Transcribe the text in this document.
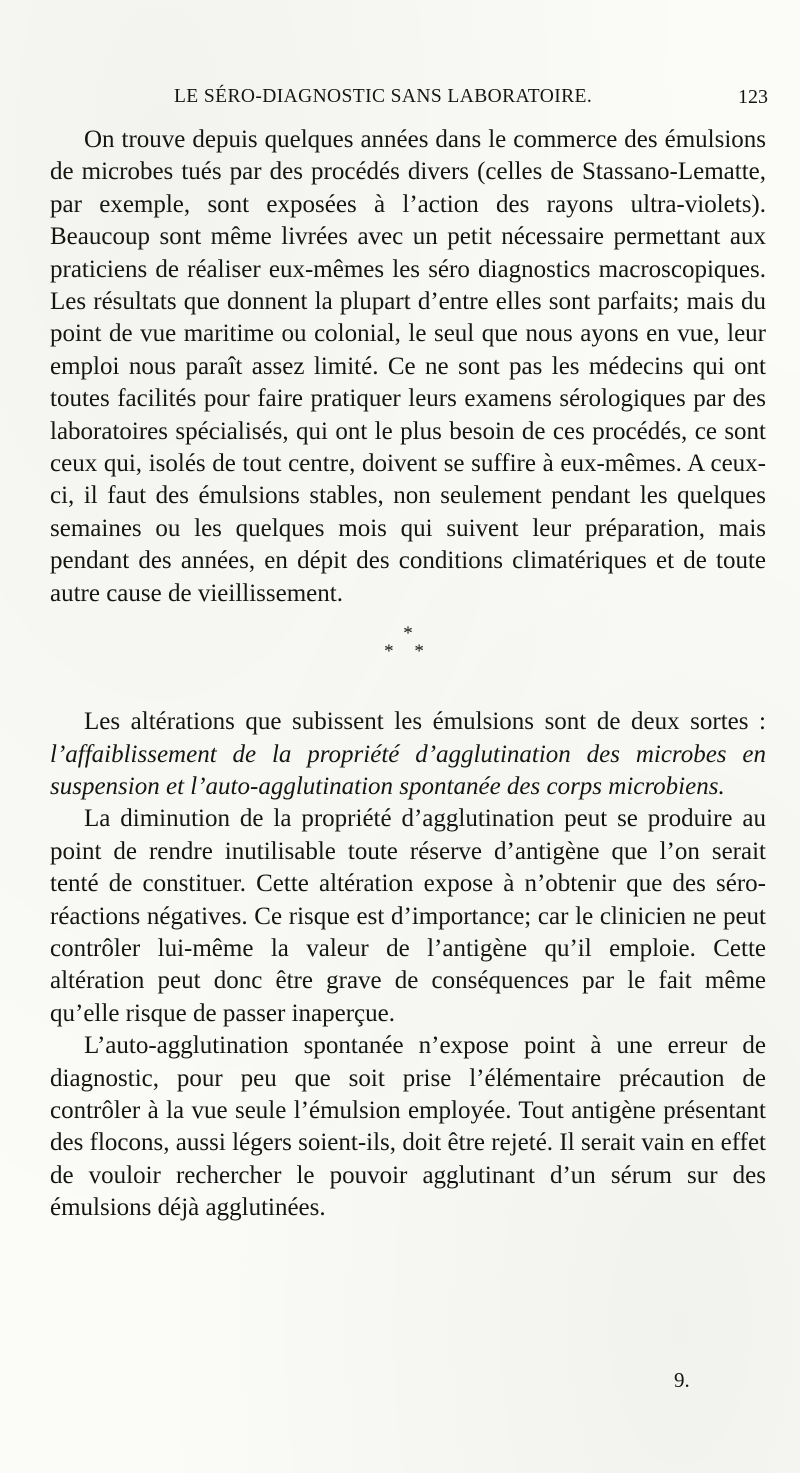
LE SÉRO-DIAGNOSTIC SANS LABORATOIRE.	123

On trouve depuis quelques années dans le commerce des émulsions de microbes tués par des procédés divers (celles de Stassano-Lematte, par exemple, sont exposées à l’action des rayons ultra-violets). Beaucoup sont même livrées avec un petit nécessaire permettant aux praticiens de réaliser eux-mêmes les séro diagnostics macroscopiques. Les résultats que donnent la plupart d’entre elles sont parfaits; mais du point de vue maritime ou colonial, le seul que nous ayons en vue, leur emploi nous paraît assez limité. Ce ne sont pas les médecins qui ont toutes facilités pour faire pratiquer leurs examens sérologiques par des laboratoires spécialisés, qui ont le plus besoin de ces procédés, ce sont ceux qui, isolés de tout centre, doivent se suffire à eux-mêmes. A ceux-ci, il faut des émulsions stables, non seulement pendant les quelques semaines ou les quelques mois qui suivent leur préparation, mais pendant des années, en dépit des conditions climatériques et de toute autre cause de vieillissement.

*
* *

Les altérations que subissent les émulsions sont de deux sortes : l’affaiblissement de la propriété d’agglutination des microbes en suspension et l’auto-agglutination spontanée des corps microbiens.

La diminution de la propriété d’agglutination peut se produire au point de rendre inutilisable toute réserve d’antigène que l’on serait tenté de constituer. Cette altération expose à n’obtenir que des séro-réactions négatives. Ce risque est d’importance; car le clinicien ne peut contrôler lui-même la valeur de l’antigène qu’il emploie. Cette altération peut donc être grave de conséquences par le fait même qu’elle risque de passer inaperçue.

L’auto-agglutination spontanée n’expose point à une erreur de diagnostic, pour peu que soit prise l’élémentaire précaution de contrôler à la vue seule l’émulsion employée. Tout antigène présentant des flocons, aussi légers soient-ils, doit être rejeté. Il serait vain en effet de vouloir rechercher le pouvoir agglutinant d’un sérum sur des émulsions déjà agglutinées.

9.
